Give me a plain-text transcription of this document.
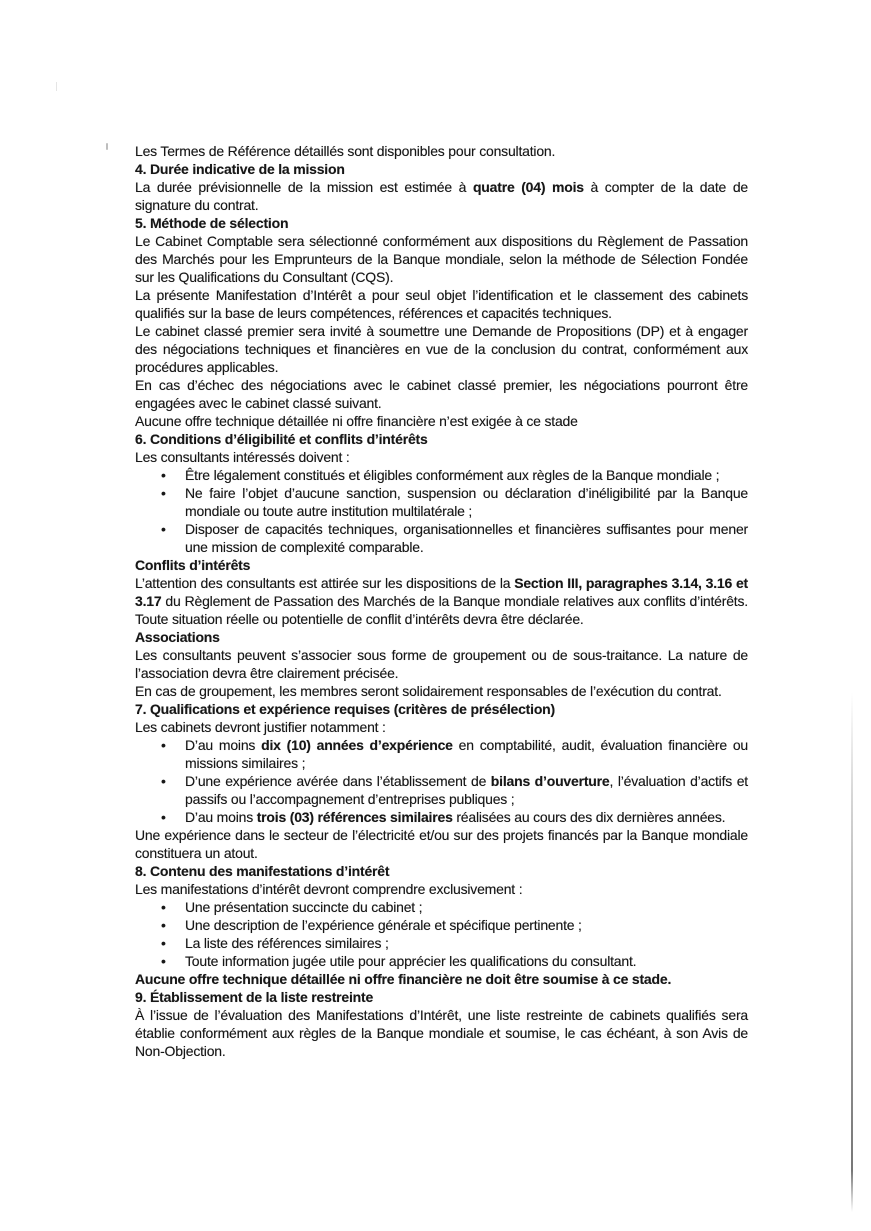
Les Termes de Référence détaillés sont disponibles pour consultation.

4. Durée indicative de la mission

La durée prévisionnelle de la mission est estimée à quatre (04) mois à compter de la date de signature du contrat.

5. Méthode de sélection

Le Cabinet Comptable sera sélectionné conformément aux dispositions du Règlement de Passation des Marchés pour les Emprunteurs de la Banque mondiale, selon la méthode de Sélection Fondée sur les Qualifications du Consultant (CQS).

La présente Manifestation d’Intérêt a pour seul objet l’identification et le classement des cabinets qualifiés sur la base de leurs compétences, références et capacités techniques.

Le cabinet classé premier sera invité à soumettre une Demande de Propositions (DP) et à engager des négociations techniques et financières en vue de la conclusion du contrat, conformément aux procédures applicables.

En cas d’échec des négociations avec le cabinet classé premier, les négociations pourront être engagées avec le cabinet classé suivant.

Aucune offre technique détaillée ni offre financière n’est exigée à ce stade

6. Conditions d’éligibilité et conflits d’intérêts

Les consultants intéressés doivent :

• Être légalement constitués et éligibles conformément aux règles de la Banque mondiale ;
• Ne faire l’objet d’aucune sanction, suspension ou déclaration d’inéligibilité par la Banque mondiale ou toute autre institution multilatérale ;
• Disposer de capacités techniques, organisationnelles et financières suffisantes pour mener une mission de complexité comparable.

Conflits d’intérêts

L’attention des consultants est attirée sur les dispositions de la Section III, paragraphes 3.14, 3.16 et 3.17 du Règlement de Passation des Marchés de la Banque mondiale relatives aux conflits d’intérêts. Toute situation réelle ou potentielle de conflit d’intérêts devra être déclarée.

Associations

Les consultants peuvent s’associer sous forme de groupement ou de sous-traitance. La nature de l’association devra être clairement précisée.

En cas de groupement, les membres seront solidairement responsables de l’exécution du contrat.

7. Qualifications et expérience requises (critères de présélection)

Les cabinets devront justifier notamment :

• D’au moins dix (10) années d’expérience en comptabilité, audit, évaluation financière ou missions similaires ;
• D’une expérience avérée dans l’établissement de bilans d’ouverture, l’évaluation d’actifs et passifs ou l’accompagnement d’entreprises publiques ;
• D’au moins trois (03) références similaires réalisées au cours des dix dernières années.

Une expérience dans le secteur de l’électricité et/ou sur des projets financés par la Banque mondiale constituera un atout.

8. Contenu des manifestations d’intérêt

Les manifestations d’intérêt devront comprendre exclusivement :

• Une présentation succincte du cabinet ;
• Une description de l’expérience générale et spécifique pertinente ;
• La liste des références similaires ;
• Toute information jugée utile pour apprécier les qualifications du consultant.

Aucune offre technique détaillée ni offre financière ne doit être soumise à ce stade.

9. Établissement de la liste restreinte

À l’issue de l’évaluation des Manifestations d’Intérêt, une liste restreinte de cabinets qualifiés sera établie conformément aux règles de la Banque mondiale et soumise, le cas échéant, à son Avis de Non-Objection.
